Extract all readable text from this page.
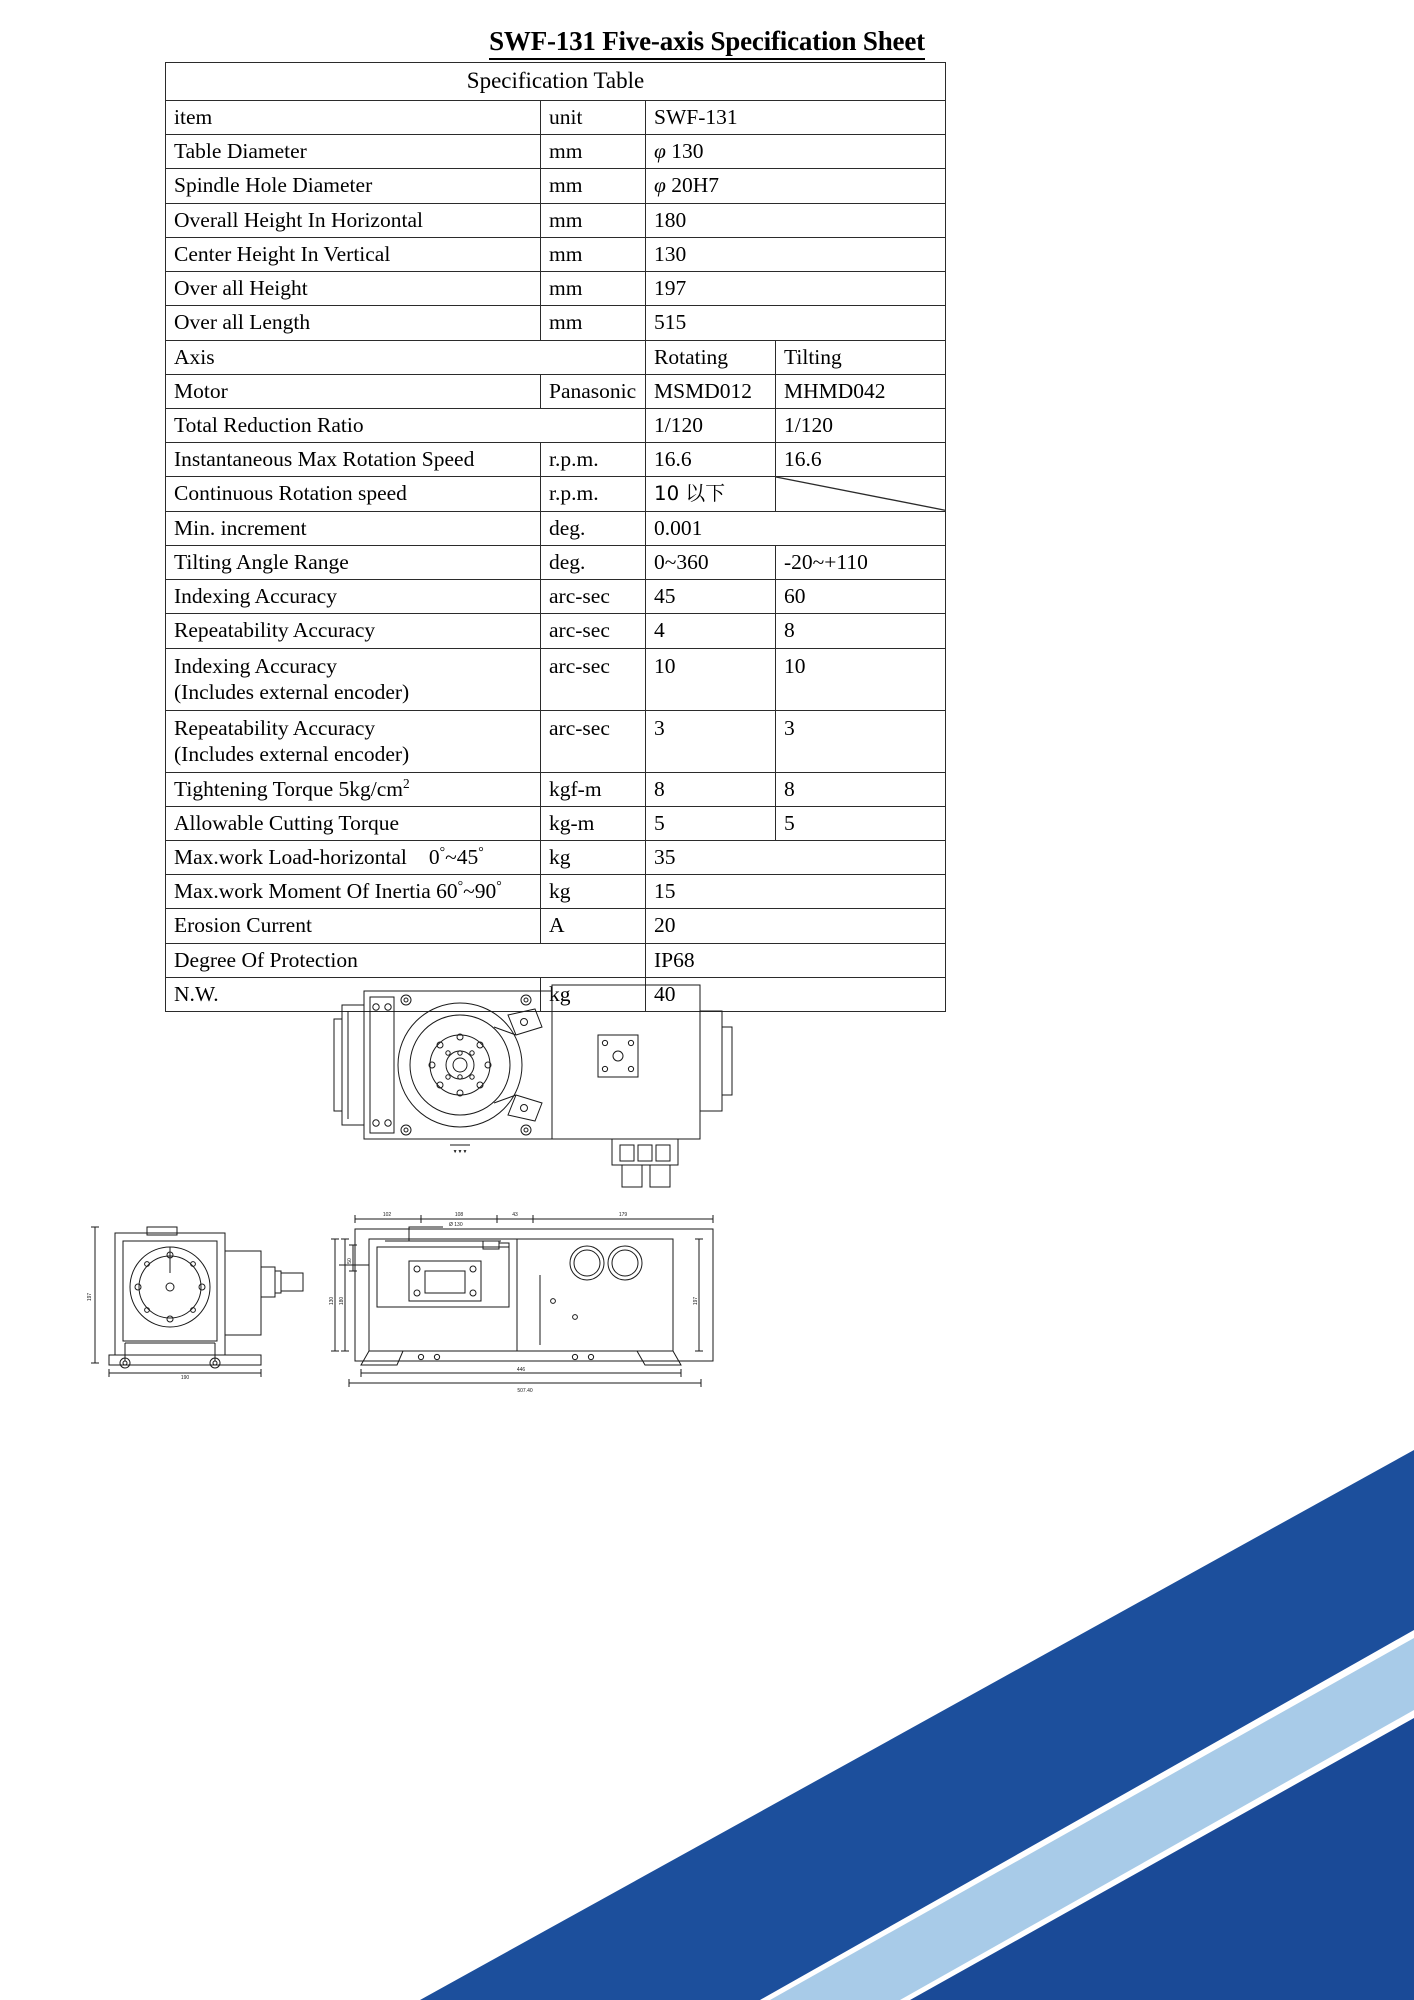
SWF-131 Five-axis Specification Sheet
Specification Table			
item	unit	SWF-131	
Table Diameter	mm	φ 130	
Spindle Hole Diameter	mm	φ 20H7	
Overall Height In Horizontal	mm	180	
Center Height In Vertical	mm	130	
Over all Height	mm	197	
Over all Length	mm	515	
Axis		Rotating	Tilting
Motor	Panasonic	MSMD012	MHMD042
Total Reduction Ratio		1/120	1/120
Instantaneous Max Rotation Speed	r.p.m.	16.6	16.6
Continuous Rotation speed	r.p.m.	10 以下	

Min. increment	deg.	0.001	
Tilting Angle Range	deg.	0~360	-20~+110
Indexing Accuracy	arc-sec	45	60
Repeatability Accuracy	arc-sec	4	8
Indexing Accuracy
(Includes external encoder)	arc-sec	10	10
Repeatability Accuracy
(Includes external encoder)	arc-sec	3	3
Tightening Torque $5kg/cm^2$	kgf-m	8	8
Allowable Cutting Torque	kg-m	5	5
Max.work Load-horizontal 0°~45°	kg	35	
Max.work Moment Of Inertia 60°~90°	kg	15	
Erosion Current	A	20	
Degree Of Protection		IP68	
N.W.	kg	40	
▼▼▼
197
190
102	108	43	179
Ø 130
50
180
130	197
446
507.40
